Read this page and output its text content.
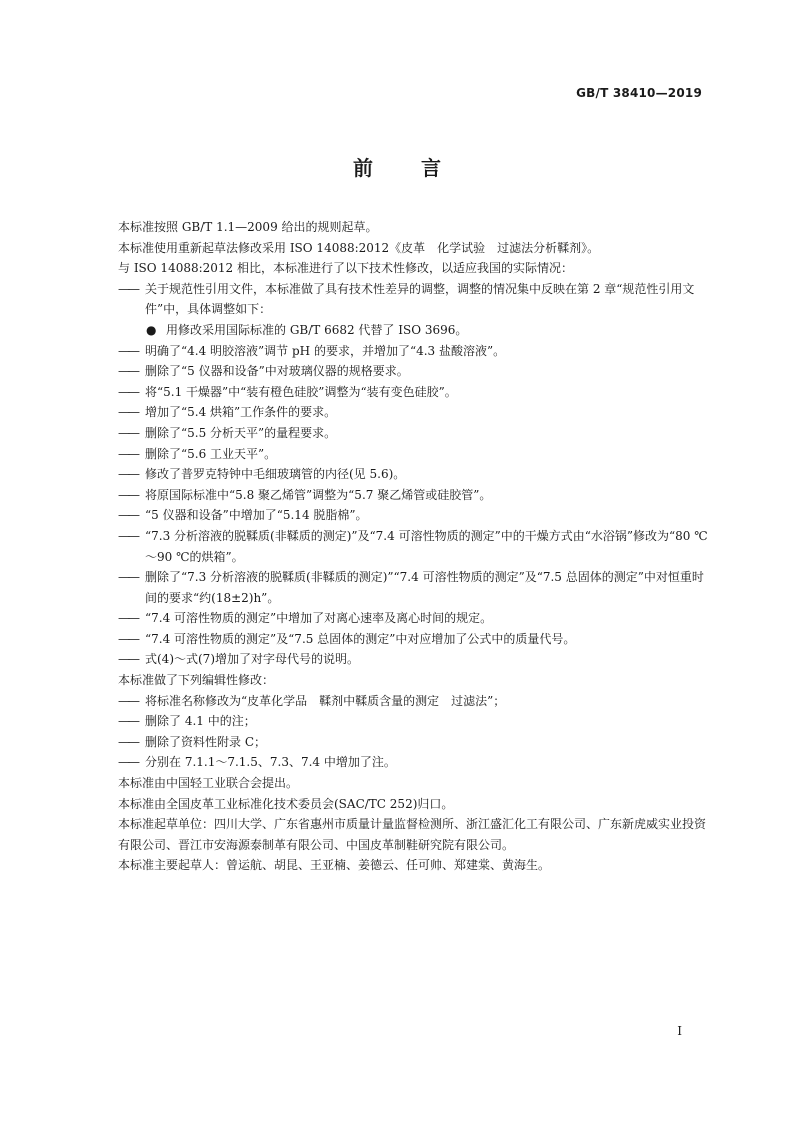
GB/T 38410—2019
前 言
本标准按照 GB/T 1.1—2009 给出的规则起草。
本标准使用重新起草法修改采用 ISO 14088:2012《皮革　化学试验　过滤法分析鞣剂》。
与 ISO 14088:2012 相比，本标准进行了以下技术性修改，以适应我国的实际情况：
—— 关于规范性引用文件，本标准做了具有技术性差异的调整，调整的情况集中反映在第 2 章“规范性引用文件”中，具体调整如下：
● 用修改采用国际标准的 GB/T 6682 代替了 ISO 3696。
—— 明确了“4.4 明胶溶液”调节 pH 的要求，并增加了“4.3 盐酸溶液”。
—— 删除了“5 仪器和设备”中对玻璃仪器的规格要求。
—— 将“5.1 干燥器”中“装有橙色硅胶”调整为“装有变色硅胶”。
—— 增加了“5.4 烘箱”工作条件的要求。
—— 删除了“5.5 分析天平”的量程要求。
—— 删除了“5.6 工业天平”。
—— 修改了普罗克特钟中毛细玻璃管的内径(见 5.6)。
—— 将原国际标准中“5.8 聚乙烯管”调整为“5.7 聚乙烯管或硅胶管”。
—— “5 仪器和设备”中增加了“5.14 脱脂棉”。
—— “7.3 分析溶液的脱鞣质(非鞣质的测定)”及“7.4 可溶性物质的测定”中的干燥方式由“水浴锅”修改为“80 ℃～90 ℃的烘箱”。
—— 删除了“7.3 分析溶液的脱鞣质(非鞣质的测定)”“7.4 可溶性物质的测定”及“7.5 总固体的测定”中对恒重时间的要求“约(18±2)h”。
—— “7.4 可溶性物质的测定”中增加了对离心速率及离心时间的规定。
—— “7.4 可溶性物质的测定”及“7.5 总固体的测定”中对应增加了公式中的质量代号。
—— 式(4)～式(7)增加了对字母代号的说明。
本标准做了下列编辑性修改：
—— 将标准名称修改为“皮革化学品　鞣剂中鞣质含量的测定　过滤法”；
—— 删除了 4.1 中的注；
—— 删除了资料性附录 C；
—— 分别在 7.1.1～7.1.5、7.3、7.4 中增加了注。
本标准由中国轻工业联合会提出。
本标准由全国皮革工业标准化技术委员会(SAC/TC 252)归口。
本标准起草单位：四川大学、广东省惠州市质量计量监督检测所、浙江盛汇化工有限公司、广东新虎威实业投资有限公司、晋江市安海源泰制革有限公司、中国皮革制鞋研究院有限公司。
本标准主要起草人：曾运航、胡昆、王亚楠、姜德云、任可帅、郑建棠、黄海生。
I
